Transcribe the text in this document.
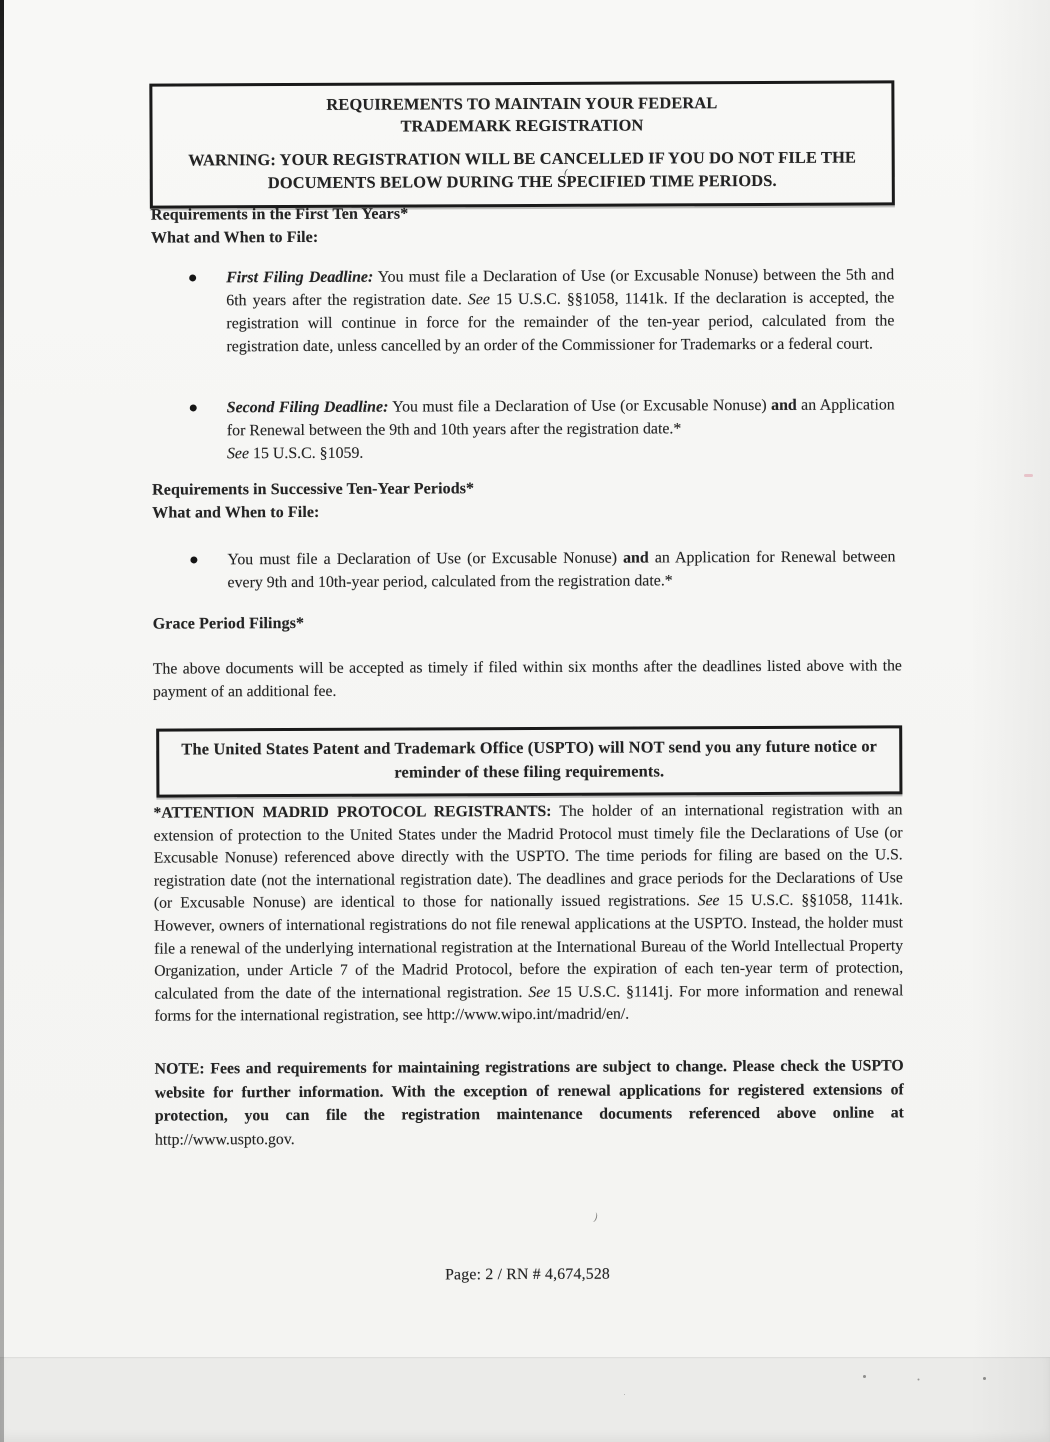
REQUIREMENTS TO MAINTAIN YOUR FEDERAL
TRADEMARK REGISTRATION
WARNING: YOUR REGISTRATION WILL BE CANCELLED IF YOU DO NOT FILE THE
DOCUMENTS BELOW DURING THE SPECIFIED TIME PERIODS.
Requirements in the First Ten Years*
What and When to File:
First Filing Deadline: You must file a Declaration of Use (or Excusable Nonuse) between the 5th and 6th years after the registration date. See 15 U.S.C. §§1058, 1141k. If the declaration is accepted, the registration will continue in force for the remainder of the ten-year period, calculated from the registration date, unless cancelled by an order of the Commissioner for Trademarks or a federal court.
Second Filing Deadline: You must file a Declaration of Use (or Excusable Nonuse) and an Application for Renewal between the 9th and 10th years after the registration date.*
See 15 U.S.C. §1059.
Requirements in Successive Ten-Year Periods*
What and When to File:
You must file a Declaration of Use (or Excusable Nonuse) and an Application for Renewal between every 9th and 10th-year period, calculated from the registration date.*
Grace Period Filings*
The above documents will be accepted as timely if filed within six months after the deadlines listed above with the payment of an additional fee.
The United States Patent and Trademark Office (USPTO) will NOT send you any future notice or
reminder of these filing requirements.
*ATTENTION MADRID PROTOCOL REGISTRANTS: The holder of an international registration with an extension of protection to the United States under the Madrid Protocol must timely file the Declarations of Use (or Excusable Nonuse) referenced above directly with the USPTO. The time periods for filing are based on the U.S. registration date (not the international registration date). The deadlines and grace periods for the Declarations of Use (or Excusable Nonuse) are identical to those for nationally issued registrations. See 15 U.S.C. §§1058, 1141k. However, owners of international registrations do not file renewal applications at the USPTO. Instead, the holder must file a renewal of the underlying international registration at the International Bureau of the World Intellectual Property Organization, under Article 7 of the Madrid Protocol, before the expiration of each ten-year term of protection, calculated from the date of the international registration. See 15 U.S.C. §1141j. For more information and renewal forms for the international registration, see http://www.wipo.int/madrid/en/.
NOTE: Fees and requirements for maintaining registrations are subject to change. Please check the USPTO website for further information. With the exception of renewal applications for registered extensions of protection, you can file the registration maintenance documents referenced above online at http://www.uspto.gov.
Page: 2 / RN # 4,674,528
